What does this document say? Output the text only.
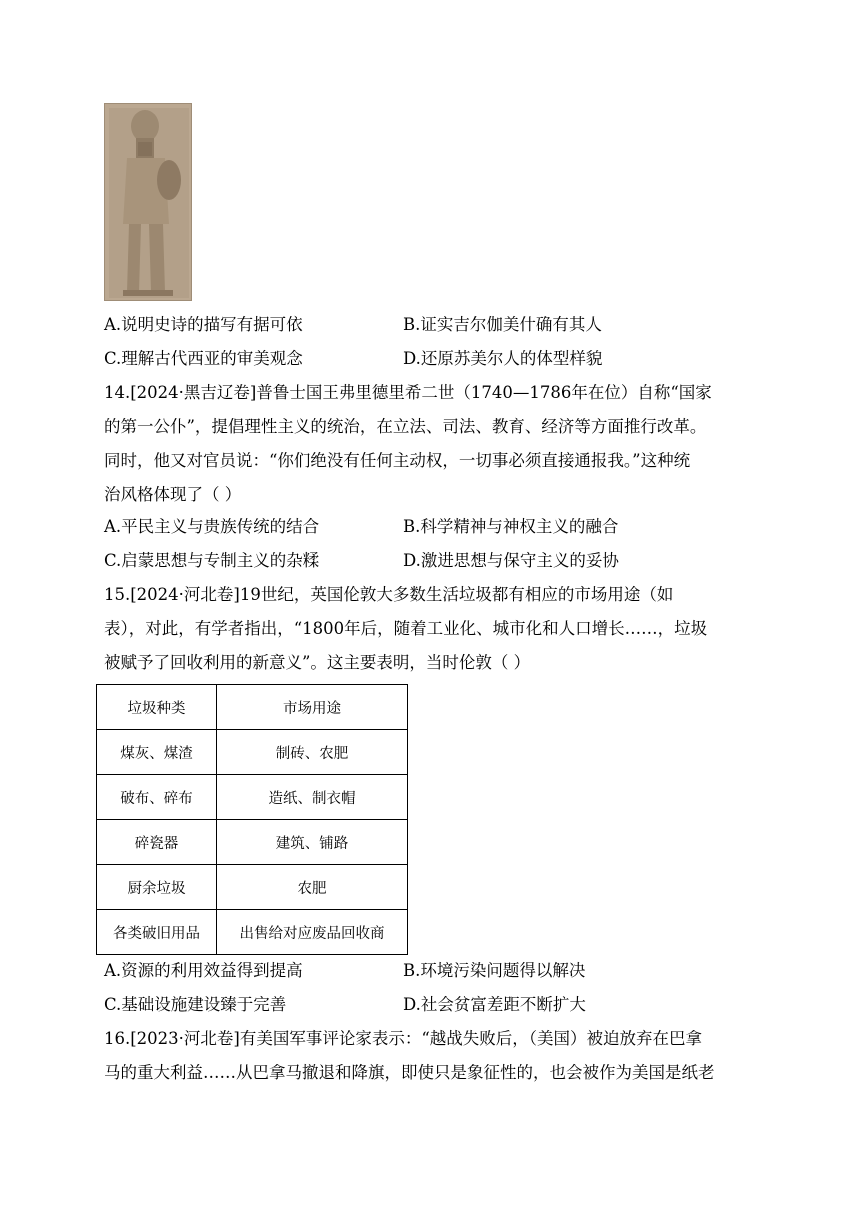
A.说明史诗的描写有据可依	B.证实吉尔伽美什确有其人
C.理解古代西亚的审美观念	D.还原苏美尔人的体型样貌
14.[2024·黑吉辽卷]普鲁士国王弗里德里希二世（1740—1786年在位）自称“国家
的第一公仆”，提倡理性主义的统治，在立法、司法、教育、经济等方面推行改革。
同时，他又对官员说：“你们绝没有任何主动权，一切事必须直接通报我。”这种统
治风格体现了（ ）
A.平民主义与贵族传统的结合	B.科学精神与神权主义的融合
C.启蒙思想与专制主义的杂糅	D.激进思想与保守主义的妥协
15.[2024·河北卷]19世纪，英国伦敦大多数生活垃圾都有相应的市场用途（如
表），对此，有学者指出，“1800年后，随着工业化、城市化和人口增长……，垃圾
被赋予了回收利用的新意义”。这主要表明，当时伦敦（ ）
垃圾种类	市场用途
煤灰、煤渣	制砖、农肥
破布、碎布	造纸、制衣帽
碎瓷器	建筑、铺路
厨余垃圾	农肥
各类破旧用品	出售给对应废品回收商
A.资源的利用效益得到提高	B.环境污染问题得以解决
C.基础设施建设臻于完善	D.社会贫富差距不断扩大
16.[2023·河北卷]有美国军事评论家表示：“越战失败后，（美国）被迫放弃在巴拿
马的重大利益……从巴拿马撤退和降旗，即使只是象征性的，也会被作为美国是纸老
